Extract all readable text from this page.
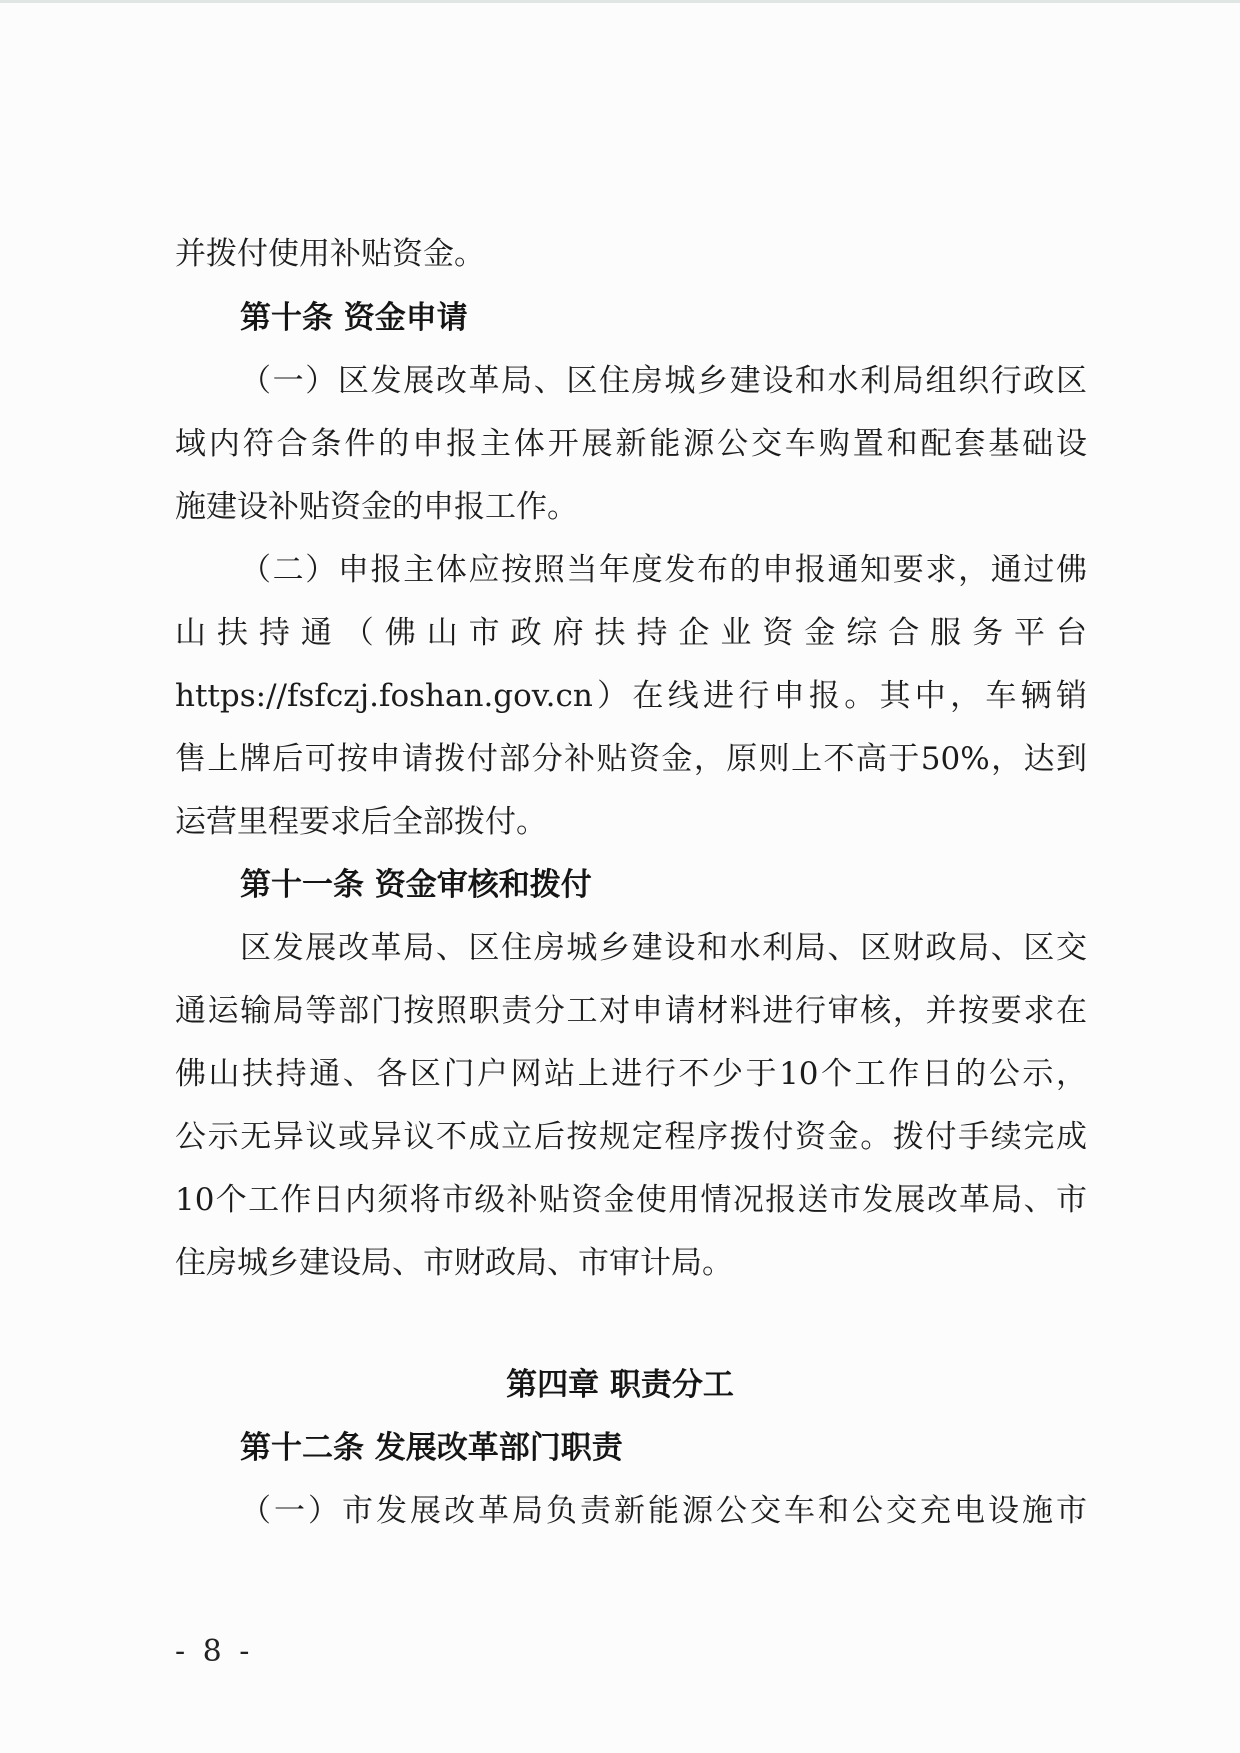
并拨付使用补贴资金。
第十条 资金申请
（一）区发展改革局、区住房城乡建设和水利局组织行政区
域内符合条件的申报主体开展新能源公交车购置和配套基础设
施建设补贴资金的申报工作。
（二）申报主体应按照当年度发布的申报通知要求，通过佛
山扶持通（佛山市政府扶持企业资金综合服务平台
https://fsfczj.foshan.gov.cn）在线进行申报。其中，车辆销
售上牌后可按申请拨付部分补贴资金，原则上不高于50%，达到
运营里程要求后全部拨付。
第十一条 资金审核和拨付
区发展改革局、区住房城乡建设和水利局、区财政局、区交
通运输局等部门按照职责分工对申请材料进行审核，并按要求在
佛山扶持通、各区门户网站上进行不少于10个工作日的公示，
公示无异议或异议不成立后按规定程序拨付资金。拨付手续完成
10个工作日内须将市级补贴资金使用情况报送市发展改革局、市
住房城乡建设局、市财政局、市审计局。
第四章 职责分工
第十二条 发展改革部门职责
（一）市发展改革局负责新能源公交车和公交充电设施市
- 8 -
